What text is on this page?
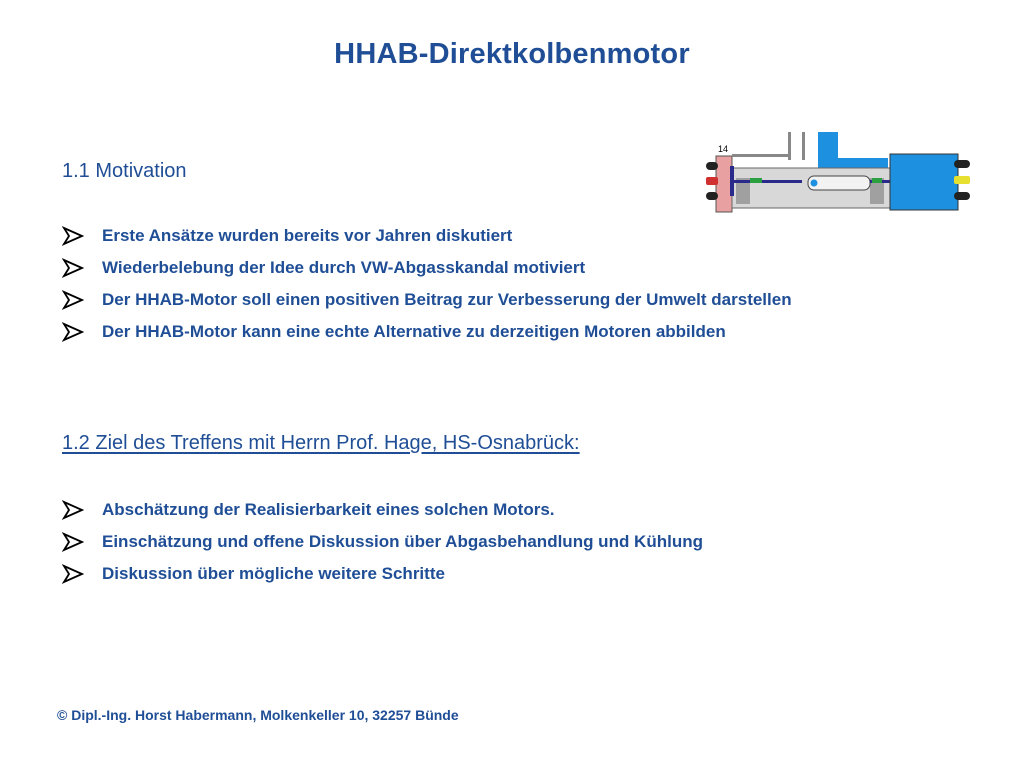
HHAB-Direktkolbenmotor
1.1 Motivation
Erste Ansätze wurden bereits vor Jahren diskutiert
Wiederbelebung der Idee durch VW-Abgasskandal motiviert
Der HHAB-Motor soll einen positiven Beitrag zur Verbesserung der Umwelt darstellen
Der HHAB-Motor kann eine echte Alternative zu derzeitigen Motoren abbilden
1.2 Ziel des Treffens mit Herrn Prof. Hage, HS-Osnabrück:
Abschätzung der Realisierbarkeit eines solchen Motors.
Einschätzung und offene Diskussion über Abgasbehandlung und Kühlung
Diskussion über mögliche weitere Schritte
14
© Dipl.-Ing. Horst Habermann, Molkenkeller 10, 32257 Bünde
